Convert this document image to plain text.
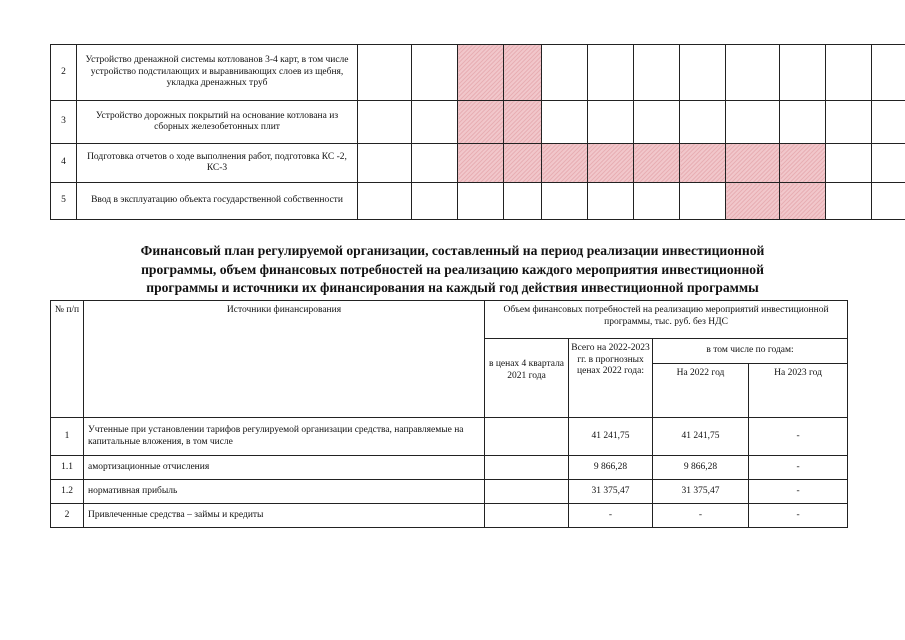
2	Устройство дренажной системы котлованов 3-4 карт, в том числе устройство подстилающих и выравнивающих слоев из щебня, укладка дренажных труб												
3	Устройство дорожных покрытий на основание котлована из сборных железобетонных плит												
4	Подготовка отчетов о ходе выполнения работ, подготовка КС -2, КС-3												
5	Ввод в эксплуатацию объекта государственной собственности												
Финансовый план регулируемой организации, составленный на период реализации инвестиционной
программы, объем финансовых потребностей на реализацию каждого мероприятия инвестиционной
программы и источники их финансирования на каждый год действия инвестиционной программы
№ п/п	Источники финансирования	Объем финансовых потребностей на реализацию мероприятий инвестиционной программы, тыс. руб. без НДС			
		в ценах 4 квартала 2021 года	Всего на 2022-2023 гг. в прогнозных ценах 2022 года:	в том числе по годам:	
				На 2022 год	На 2023 год
1	Учтенные при установлении тарифов регулируемой организации средства, направляемые на капитальные вложения, в том числе		41 241,75	41 241,75	-
1.1	амортизационные отчисления		9 866,28	9 866,28	-
1.2	нормативная прибыль		31 375,47	31 375,47	-
2	Привлеченные средства – займы и кредиты		-	-	-
